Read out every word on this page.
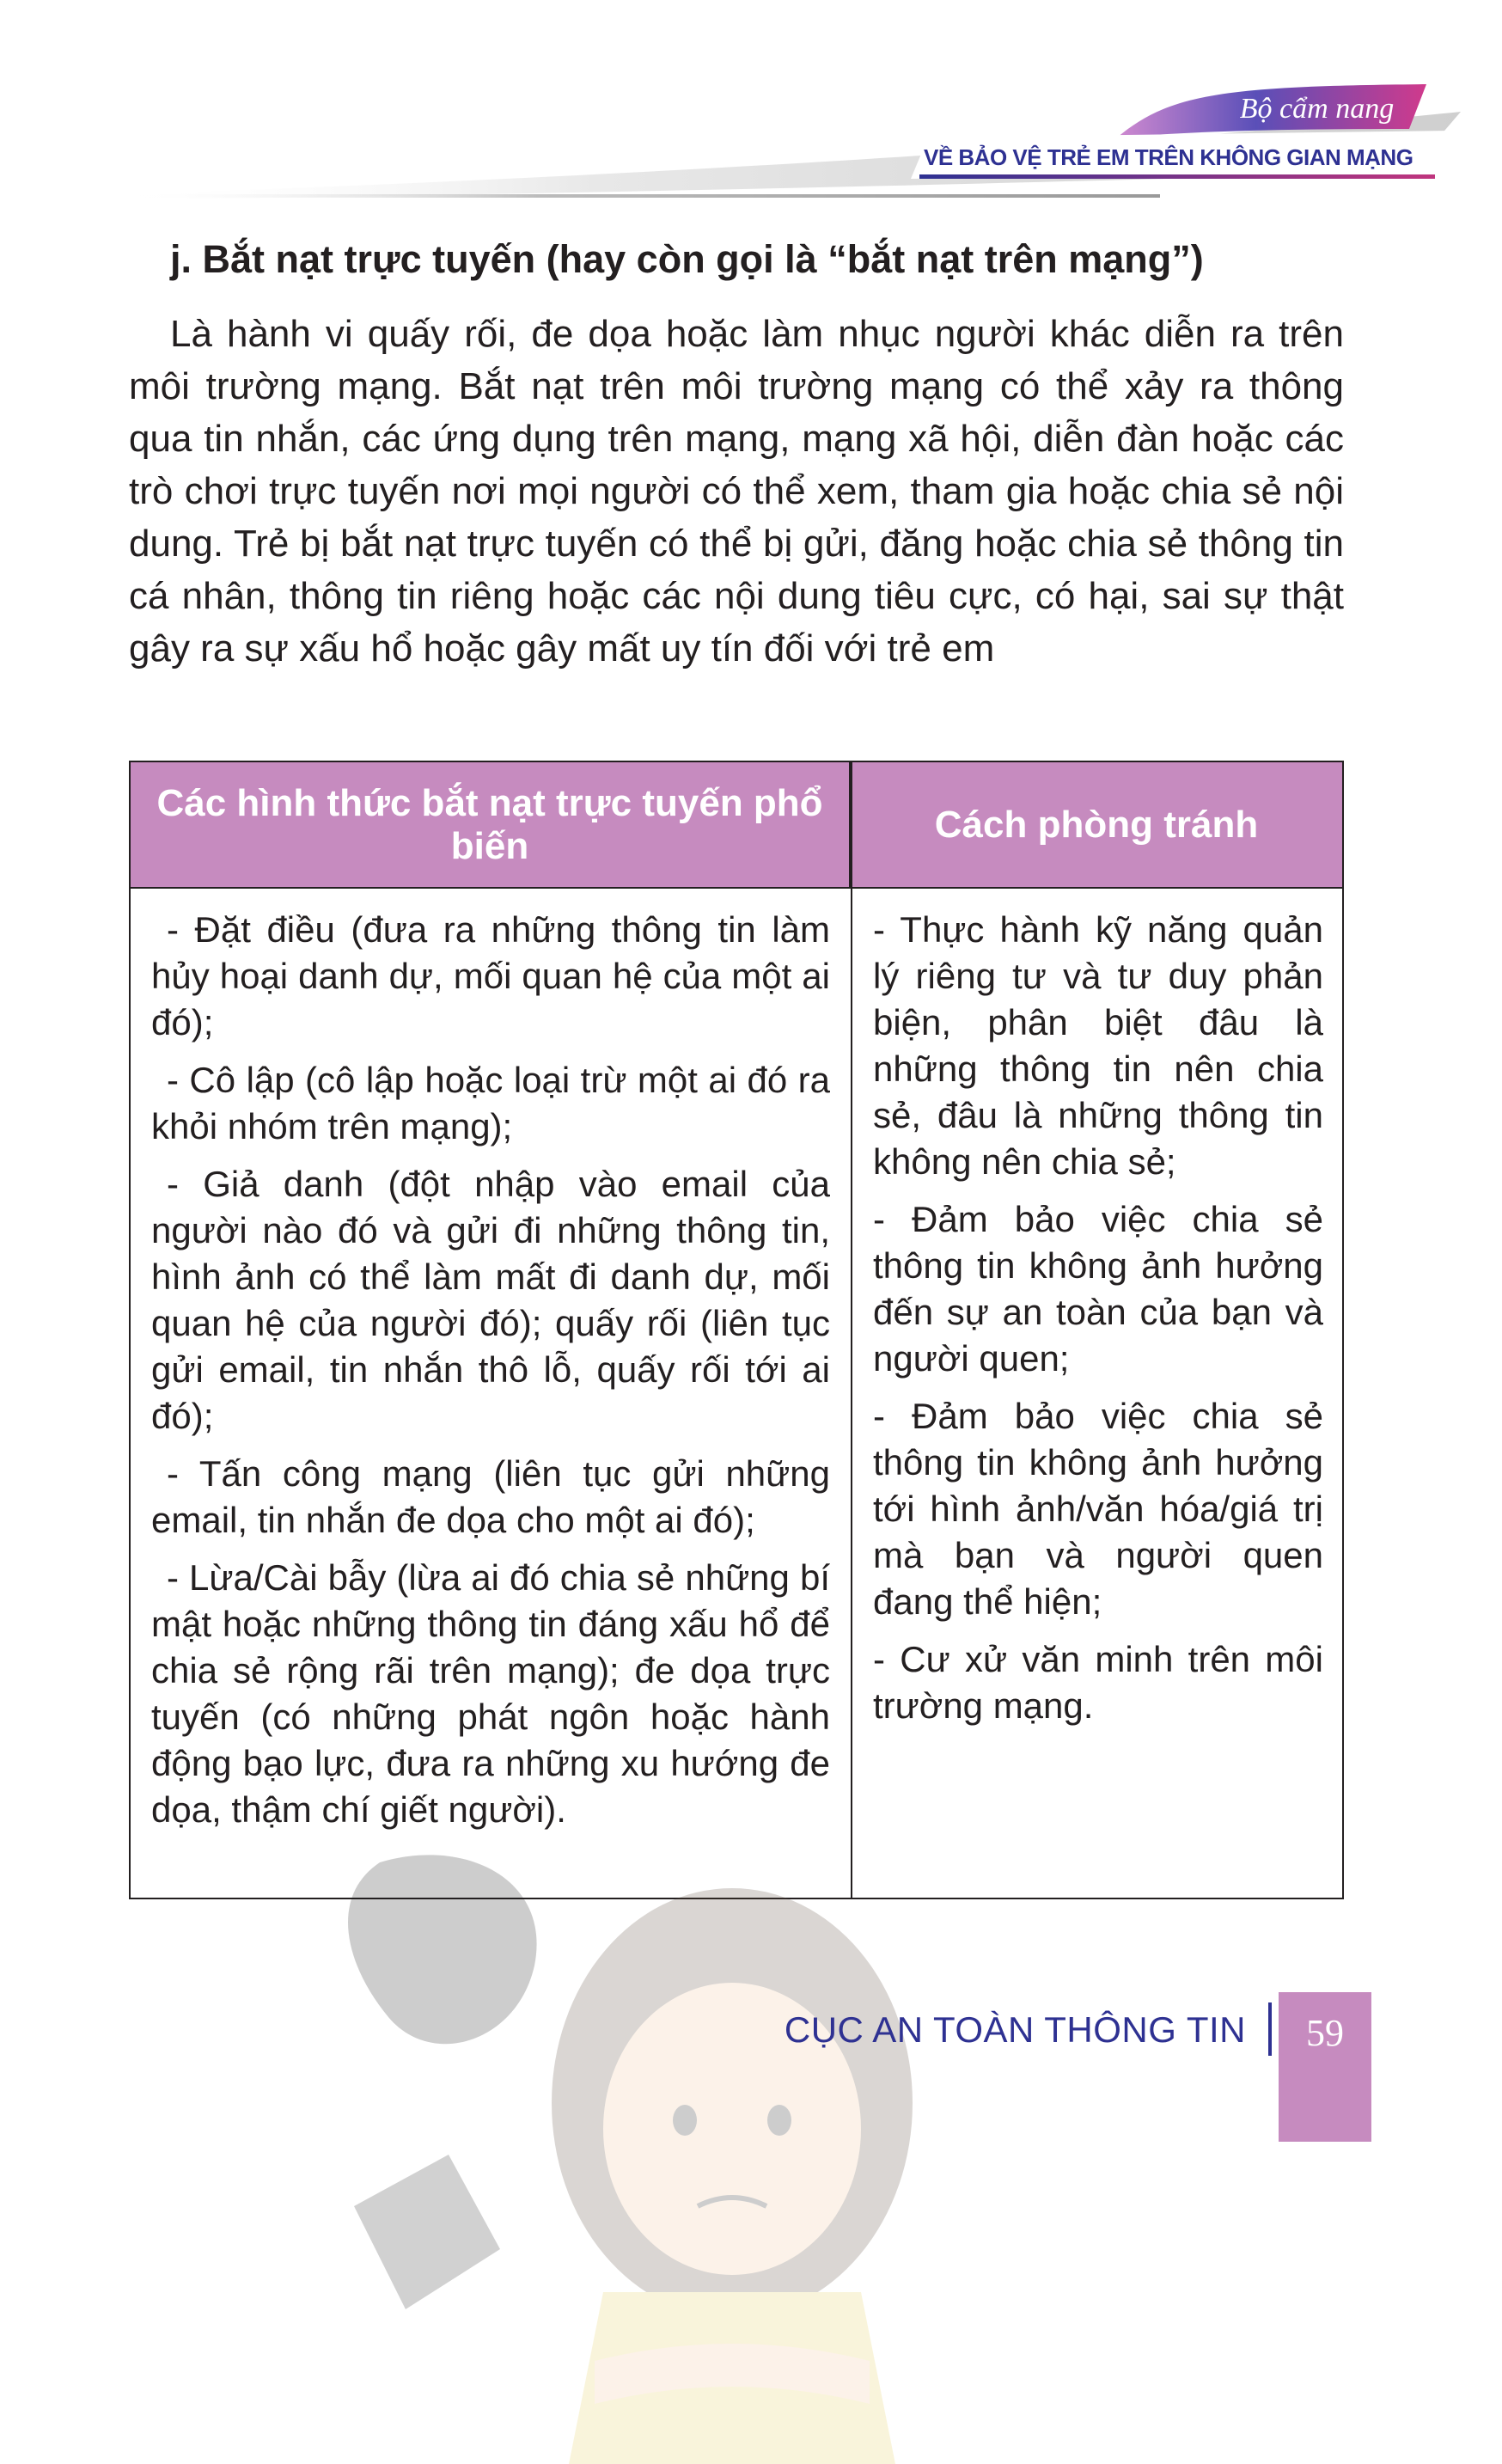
Bộ cẩm nang
VỀ BẢO VỆ TRẺ EM TRÊN KHÔNG GIAN MẠNG
j. Bắt nạt trực tuyến (hay còn gọi là “bắt nạt trên mạng”)
Là hành vi quấy rối, đe dọa hoặc làm nhục người khác diễn ra trên môi trường mạng. Bắt nạt trên môi trường mạng có thể xảy ra thông qua tin nhắn, các ứng dụng trên mạng, mạng xã hội, diễn đàn hoặc các trò chơi trực tuyến nơi mọi người có thể xem, tham gia hoặc chia sẻ nội dung. Trẻ bị bắt nạt trực tuyến có thể bị gửi, đăng hoặc chia sẻ thông tin cá nhân, thông tin riêng hoặc các nội dung tiêu cực, có hại, sai sự thật gây ra sự xấu hổ hoặc gây mất uy tín đối với trẻ em
Các hình thức bắt nạt trực tuyến phổ biến
Cách phòng tránh

- Đặt điều (đưa ra những thông tin làm hủy hoại danh dự, mối quan hệ của một ai đó);

- Cô lập (cô lập hoặc loại trừ một ai đó ra khỏi nhóm trên mạng);

- Giả danh (đột nhập vào email của người nào đó và gửi đi những thông tin, hình ảnh có thể làm mất đi danh dự, mối quan hệ của người đó); quấy rối (liên tục gửi email, tin nhắn thô lỗ, quấy rối tới ai đó);

- Tấn công mạng (liên tục gửi những email, tin nhắn đe dọa cho một ai đó);

- Lừa/Cài bẫy (lừa ai đó chia sẻ những bí mật hoặc những thông tin đáng xấu hổ để chia sẻ rộng rãi trên mạng); đe dọa trực tuyến (có những phát ngôn hoặc hành động bạo lực, đưa ra những xu hướng đe dọa, thậm chí giết người).

- Thực hành kỹ năng quản lý riêng tư và tư duy phản biện, phân biệt đâu là những thông tin nên chia sẻ, đâu là những thông tin không nên chia sẻ;

- Đảm bảo việc chia sẻ thông tin không ảnh hưởng đến sự an toàn của bạn và người quen;

- Đảm bảo việc chia sẻ thông tin không ảnh hưởng tới hình ảnh/văn hóa/giá trị mà bạn và người quen đang thể hiện;

- Cư xử văn minh trên môi trường mạng.

CỤC AN TOÀN THÔNG TIN	59
